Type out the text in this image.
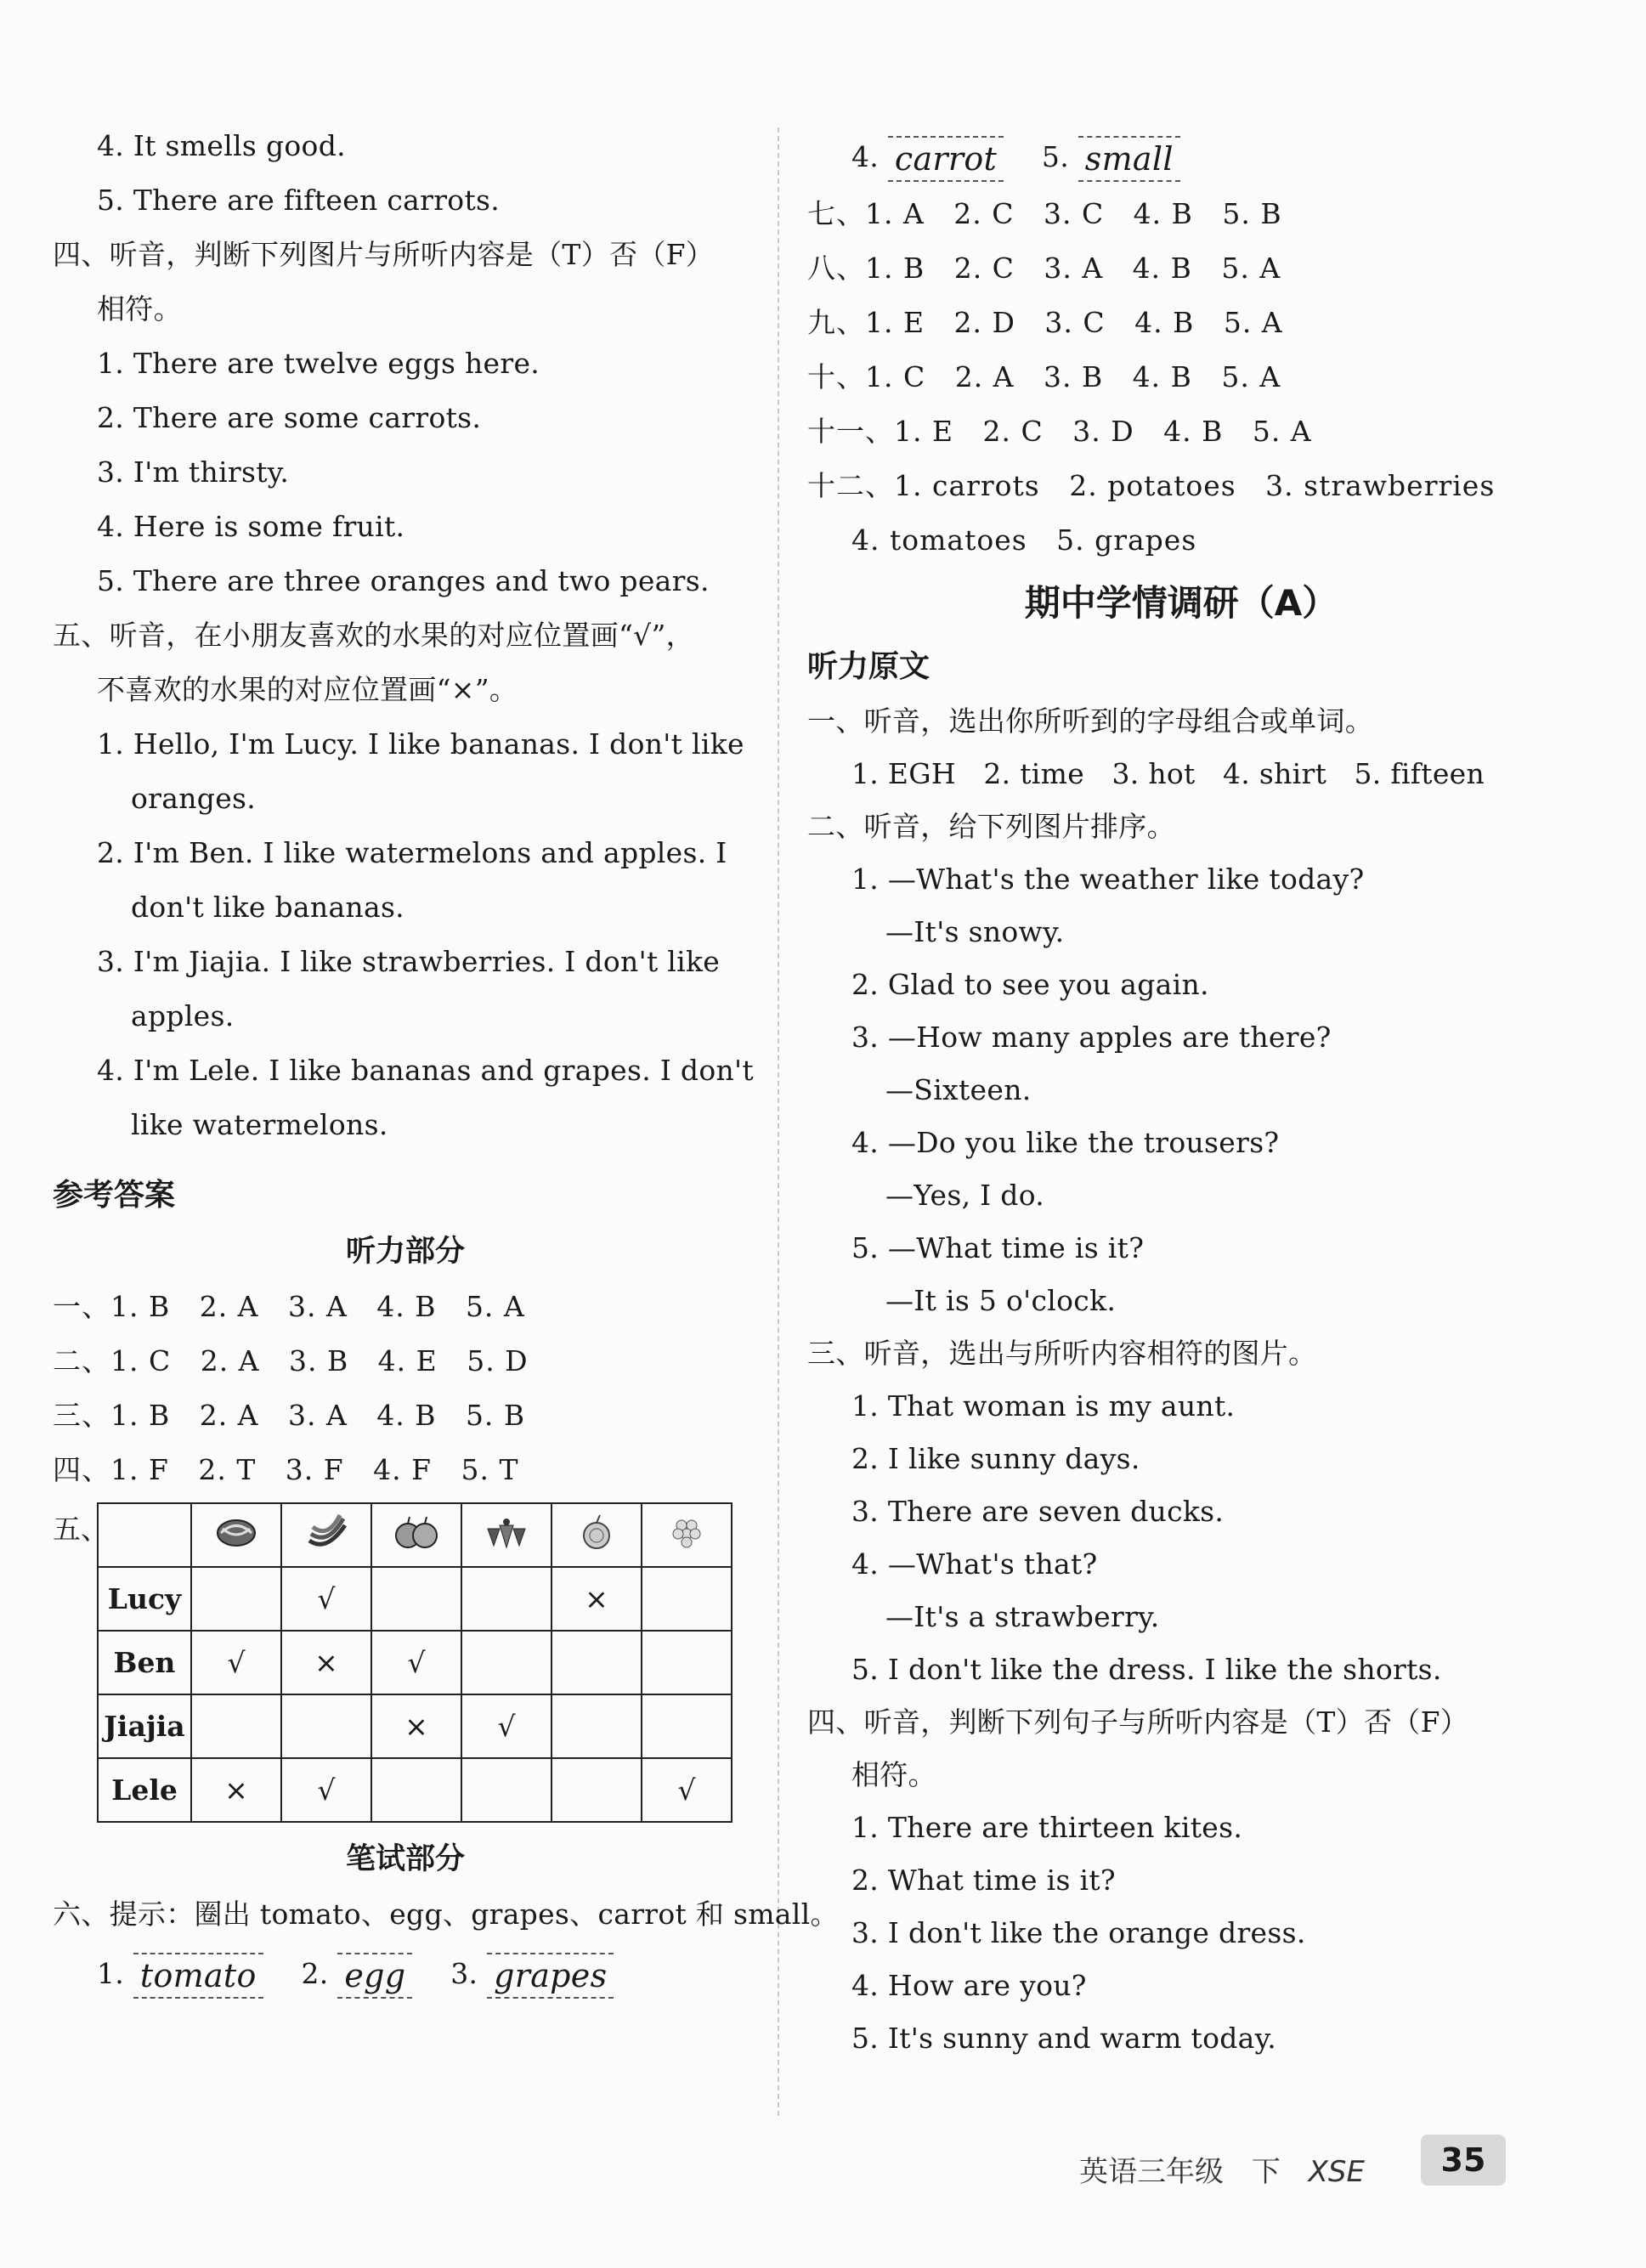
4. It smells good.
5. There are fifteen carrots.
四、听音，判断下列图片与所听内容是（T）否（F）
相符。
1. There are twelve eggs here.
2. There are some carrots.
3. I'm thirsty.
4. Here is some fruit.
5. There are three oranges and two pears.
五、听音，在小朋友喜欢的水果的对应位置画“√”，
不喜欢的水果的对应位置画“×”。
1. Hello, I'm Lucy. I like bananas. I don't like
oranges.
2. I'm Ben. I like watermelons and apples. I
don't like bananas.
3. I'm Jiajia. I like strawberries. I don't like
apples.
4. I'm Lele. I like bananas and grapes. I don't
like watermelons.
参考答案
听力部分
一、1. B   2. A   3. A   4. B   5. A
二、1. C   2. A   3. B   4. E   5. D
三、1. B   2. A   3. A   4. B   5. B
四、1. F   2. T   3. F   4. F   5. T
五、

Lucy		√			×	
Ben	√	×	√			
Jiajia			×	√		
Lele	×	√				√
笔试部分
六、提示：圈出 tomato、egg、grapes、carrot 和 small。
1. tomato 2. egg 3. grapes
4. carrot 5. small
七、1. A   2. C   3. C   4. B   5. B
八、1. B   2. C   3. A   4. B   5. A
九、1. E   2. D   3. C   4. B   5. A
十、1. C   2. A   3. B   4. B   5. A
十一、1. E   2. C   3. D   4. B   5. A
十二、1. carrots   2. potatoes   3. strawberries
4. tomatoes   5. grapes
期中学情调研（A）
听力原文
一、听音，选出你所听到的字母组合或单词。
1. EGH   2. time   3. hot   4. shirt   5. fifteen
二、听音，给下列图片排序。
1. —What's the weather like today?
—It's snowy.
2. Glad to see you again.
3. —How many apples are there?
—Sixteen.
4. —Do you like the trousers?
—Yes, I do.
5. —What time is it?
—It is 5 o'clock.
三、听音，选出与所听内容相符的图片。
1. That woman is my aunt.
2. I like sunny days.
3. There are seven ducks.
4. —What's that?
—It's a strawberry.
5. I don't like the dress. I like the shorts.
四、听音，判断下列句子与所听内容是（T）否（F）
相符。
1. There are thirteen kites.
2. What time is it?
3. I don't like the orange dress.
4. How are you?
5. It's sunny and warm today.
英语三年级 下 XSE	35
